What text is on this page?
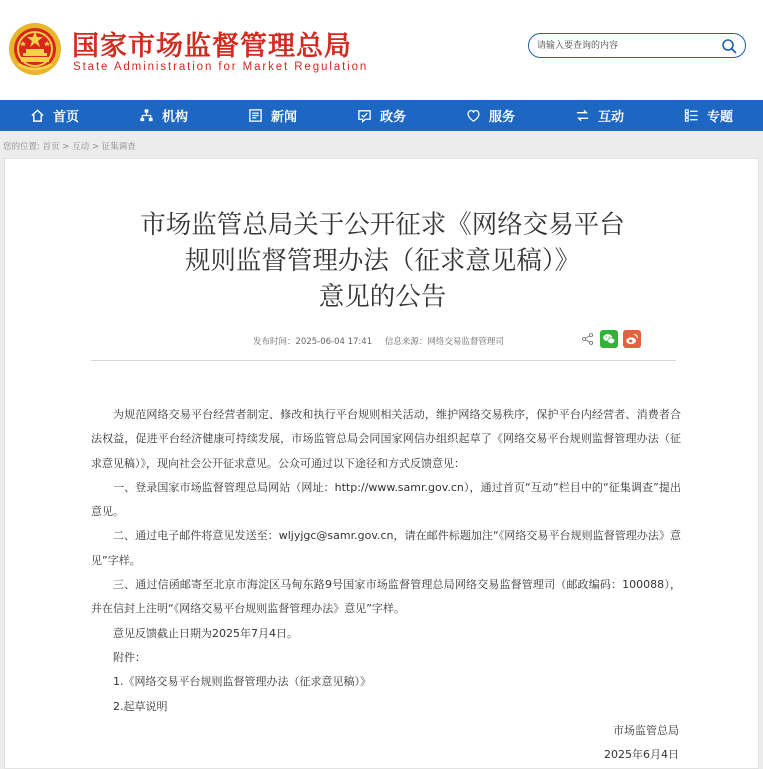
国家市场监督管理总局
State Administration for Market Regulation
请输入要查询的内容
首页	机构	新闻	政务	服务	互动	专题
您的位置: 首页 > 互动 > 征集调查
市场监管总局关于公开征求《网络交易平台
规则监督管理办法（征求意见稿）》
意见的公告
发布时间：2025-06-04 17:41 信息来源：网络交易监督管理司

为规范网络交易平台经营者制定、修改和执行平台规则相关活动，维护网络交易秩序，保护平台内经营者、消费者合法权益，促进平台经济健康可持续发展，市场监管总局会同国家网信办组织起草了《网络交易平台规则监督管理办法（征求意见稿）》，现向社会公开征求意见。公众可通过以下途径和方式反馈意见：

一、登录国家市场监督管理总局网站（网址：http://www.samr.gov.cn），通过首页“互动”栏目中的“征集调查”提出意见。

二、通过电子邮件将意见发送至：wljyjgc@samr.gov.cn，请在邮件标题加注“《网络交易平台规则监督管理办法》意见”字样。

三、通过信函邮寄至北京市海淀区马甸东路9号国家市场监督管理总局网络交易监督管理司（邮政编码：100088），并在信封上注明“《网络交易平台规则监督管理办法》意见”字样。

意见反馈截止日期为2025年7月4日。

附件：

1.《网络交易平台规则监督管理办法（征求意见稿）》

2.起草说明

市场监管总局

2025年6月4日
